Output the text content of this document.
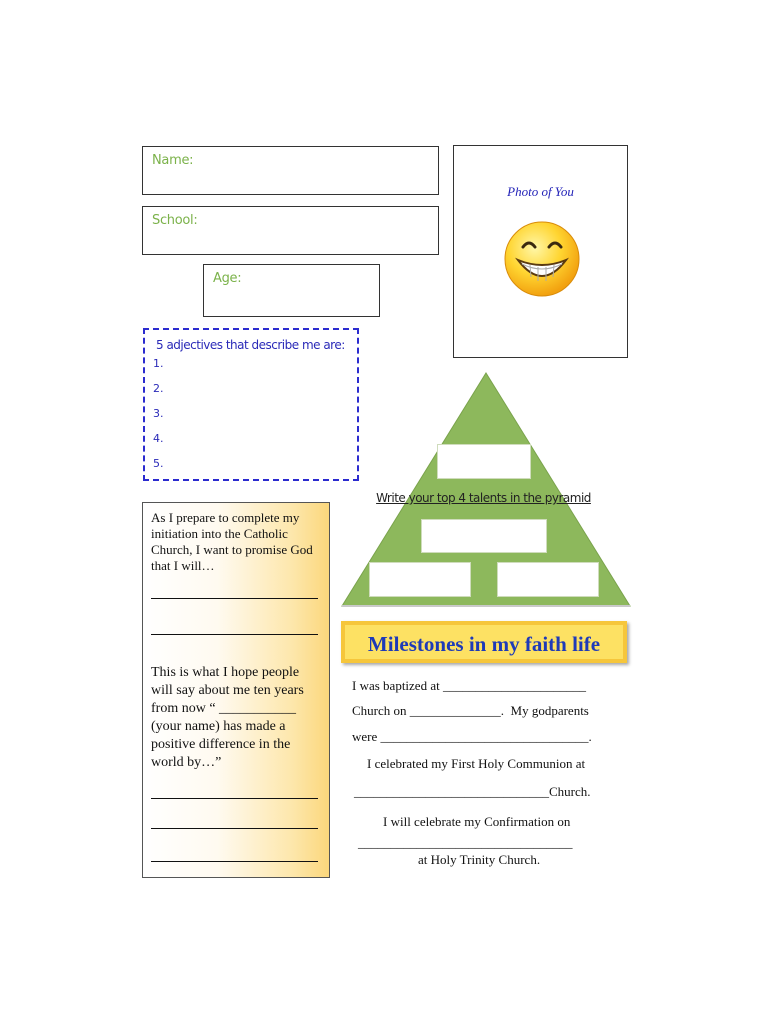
Name:
School:
Age:
Photo of You
5 adjectives that describe me are:
1.
2.
3.
4.
5.
Write your top 4 talents in the pyramid
As I prepare to complete my initiation into the Catholic Church, I want to promise God that I will…
This is what I hope people will say about me ten years from now “ ___________ (your name) has made a positive difference in the world by…”
Milestones in my faith life
I was baptized at ______________________
Church on ______________.  My godparents
were ________________________________.
I celebrated my First Holy Communion at
______________________________Church.
I will celebrate my Confirmation on
_________________________________
at Holy Trinity Church.
